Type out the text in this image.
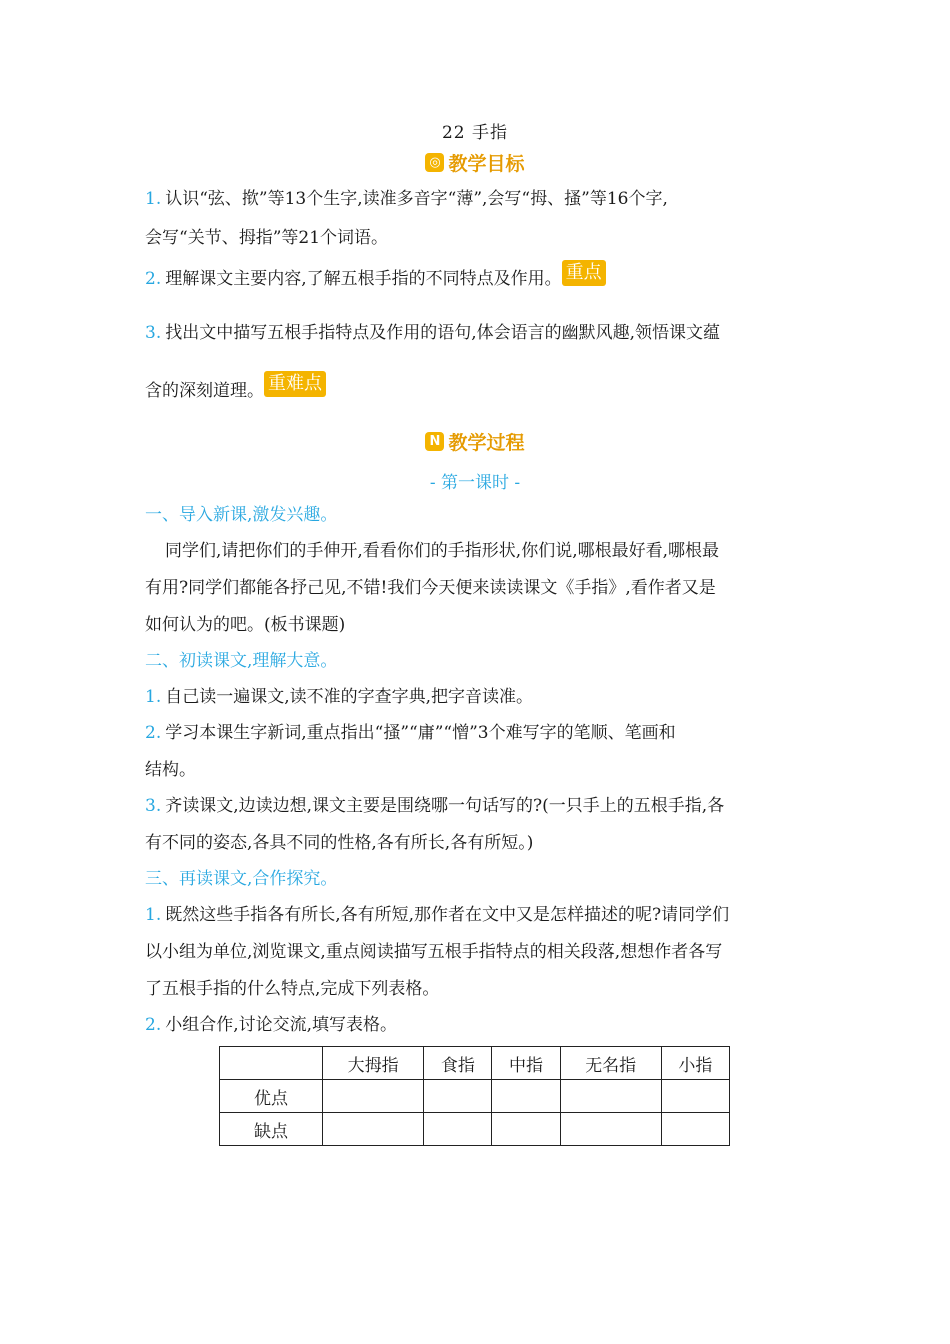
22 手指
◎ 教学目标
1. 认识“弦、揿”等13个生字,读准多音字“薄”,会写“拇、搔”等16个字,
会写“关节、拇指”等21个词语。
2. 理解课文主要内容,了解五根手指的不同特点及作用。 重点
3. 找出文中描写五根手指特点及作用的语句,体会语言的幽默风趣,领悟课文蕴
含的深刻道理。 重难点
N 教学过程
- 第一课时 -
一、导入新课,激发兴趣。
同学们,请把你们的手伸开,看看你们的手指形状,你们说,哪根最好看,哪根最
有用?同学们都能各抒己见,不错!我们今天便来读读课文《手指》,看作者又是
如何认为的吧。(板书课题)
二、初读课文,理解大意。
1. 自己读一遍课文,读不准的字查字典,把字音读准。
2. 学习本课生字新词,重点指出“搔”“庸”“憎”3个难写字的笔顺、笔画和
结构。
3. 齐读课文,边读边想,课文主要是围绕哪一句话写的?(一只手上的五根手指,各
有不同的姿态,各具不同的性格,各有所长,各有所短。)
三、再读课文,合作探究。
1. 既然这些手指各有所长,各有所短,那作者在文中又是怎样描述的呢?请同学们
以小组为单位,浏览课文,重点阅读描写五根手指特点的相关段落,想想作者各写
了五根手指的什么特点,完成下列表格。
2. 小组合作,讨论交流,填写表格。
	大拇指	食指	中指	无名指	小指
优点					
缺点					
